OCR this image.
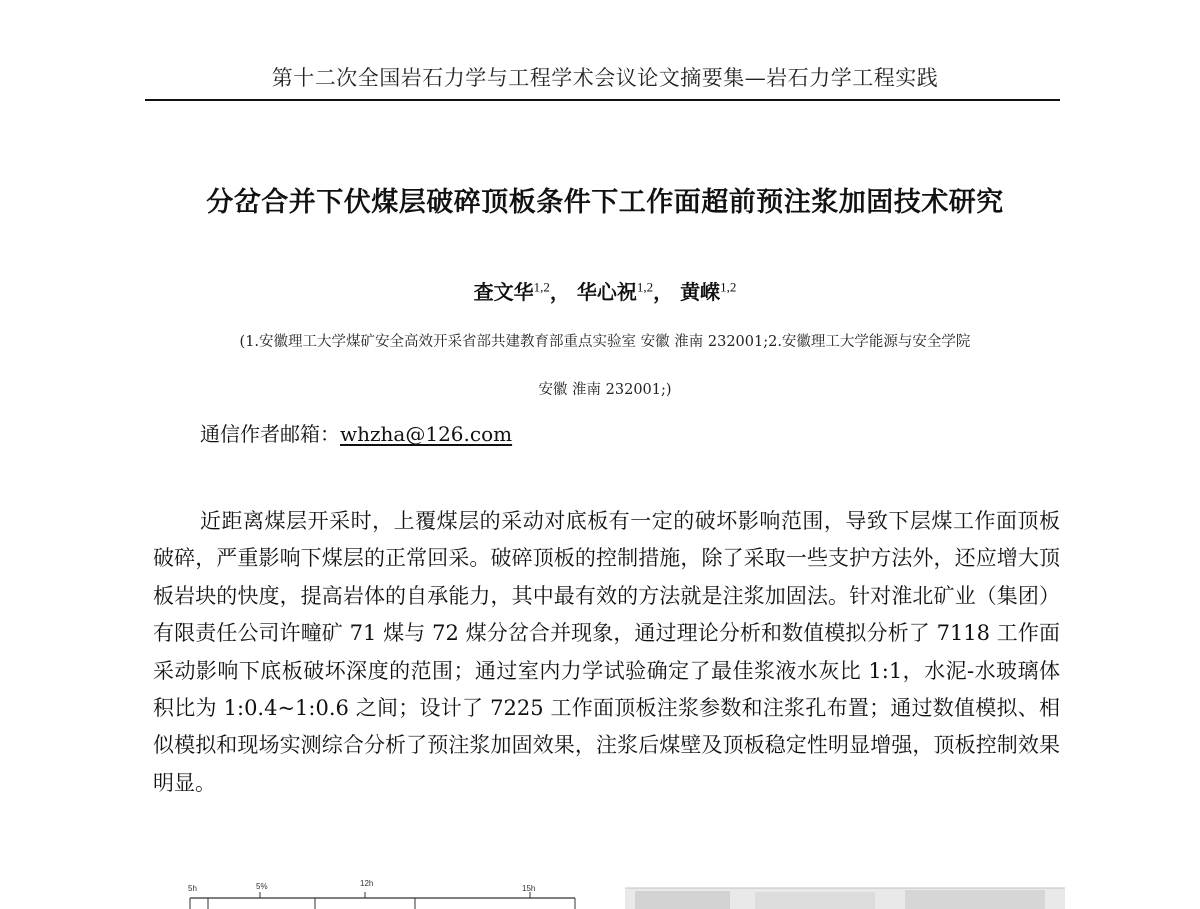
第十二次全国岩石力学与工程学术会议论文摘要集—岩石力学工程实践
分岔合并下伏煤层破碎顶板条件下工作面超前预注浆加固技术研究
查文华$^{1,2}$， 华心祝$^{1,2}$， 黄嵘$^{1,2}$
(1.安徽理工大学煤矿安全高效开采省部共建教育部重点实验室 安徽 淮南 232001;2.安徽理工大学能源与安全学院
安徽 淮南 232001;)
通信作者邮箱：whzha@126.com
近距离煤层开采时，上覆煤层的采动对底板有一定的破坏影响范围，导致下层煤工作面顶板破碎，严重影响下煤层的正常回采。破碎顶板的控制措施，除了采取一些支护方法外，还应增大顶板岩块的快度，提高岩体的自承能力，其中最有效的方法就是注浆加固法。针对淮北矿业（集团）有限责任公司许疃矿 71 煤与 72 煤分岔合并现象，通过理论分析和数值模拟分析了 7118 工作面采动影响下底板破坏深度的范围；通过室内力学试验确定了最佳浆液水灰比 1:1，水泥-水玻璃体积比为 1:0.4~1:0.6 之间；设计了 7225 工作面顶板注浆参数和注浆孔布置；通过数值模拟、相似模拟和现场实测综合分析了预注浆加固效果，注浆后煤壁及顶板稳定性明显增强，顶板控制效果明显。
5h	5%	12h
15h
